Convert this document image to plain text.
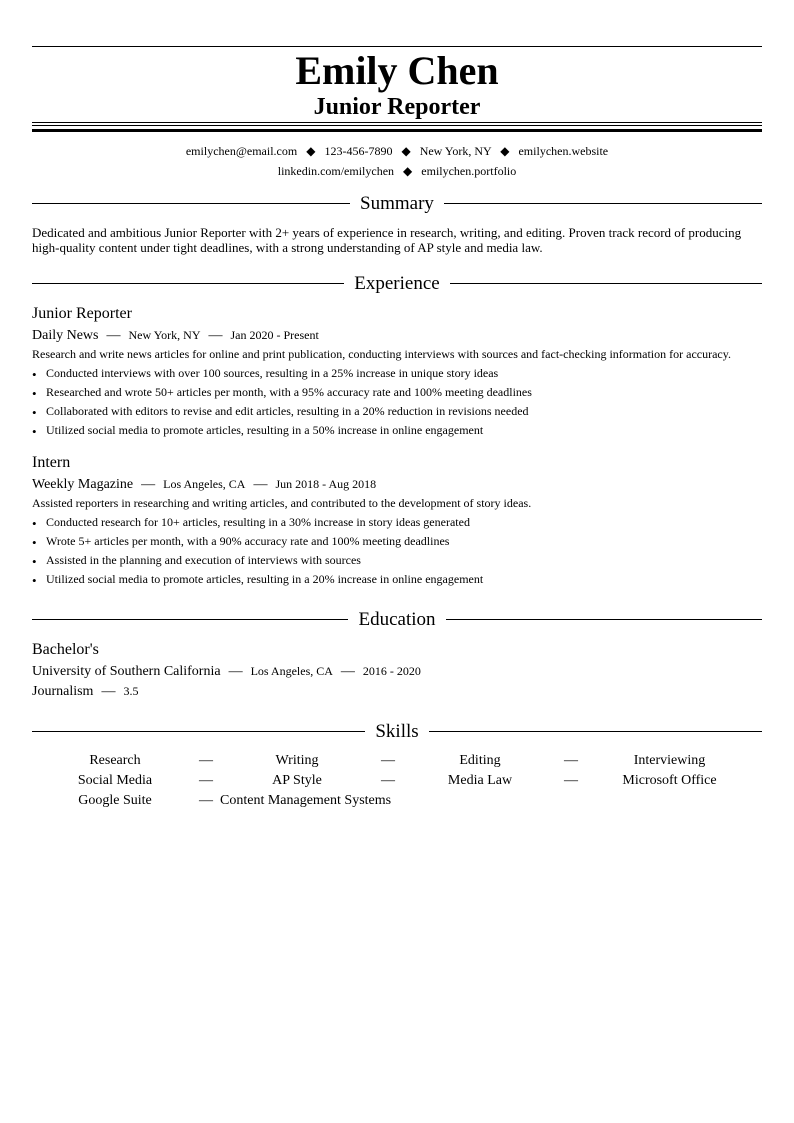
Emily Chen
Junior Reporter
emilychen@email.com ◆ 123-456-7890 ◆ New York, NY ◆ emilychen.website
linkedin.com/emilychen ◆ emilychen.portfolio
Summary
Dedicated and ambitious Junior Reporter with 2+ years of experience in research, writing, and editing. Proven track record of producing high-quality content under tight deadlines, with a strong understanding of AP style and media law.
Experience
Junior Reporter
Daily News — New York, NY — Jan 2020 - Present
Research and write news articles for online and print publication, conducting interviews with sources and fact-checking information for accuracy.
• Conducted interviews with over 100 sources, resulting in a 25% increase in unique story ideas
• Researched and wrote 50+ articles per month, with a 95% accuracy rate and 100% meeting deadlines
• Collaborated with editors to revise and edit articles, resulting in a 20% reduction in revisions needed
• Utilized social media to promote articles, resulting in a 50% increase in online engagement
Intern
Weekly Magazine — Los Angeles, CA — Jun 2018 - Aug 2018
Assisted reporters in researching and writing articles, and contributed to the development of story ideas.
• Conducted research for 10+ articles, resulting in a 30% increase in story ideas generated
• Wrote 5+ articles per month, with a 90% accuracy rate and 100% meeting deadlines
• Assisted in the planning and execution of interviews with sources
• Utilized social media to promote articles, resulting in a 20% increase in online engagement
Education
Bachelor's
University of Southern California — Los Angeles, CA — 2016 - 2020
Journalism — 3.5
Skills
Research	—	Writing	—	Editing	—	Interviewing
Social Media	—	AP Style	—	Media Law	—	Microsoft Office
Google Suite	— Content Management Systems
